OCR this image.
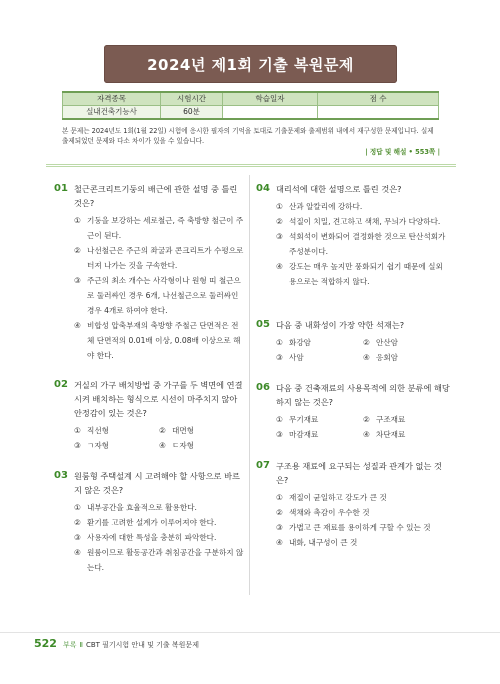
2024년 제1회 기출 복원문제
자격종목	시험시간	학습일자	점 수
실내건축기능사	60분		
본 문제는 2024년도 1회(1월 22일) 시험에 응시한 필자의 기억을 토대로 기출문제와 출제범위 내에서 재구성한 문제입니다. 실제 출제되었던 문제와 다소 차이가 있을 수 있습니다.
| 정답 및 해설 • 553쪽 |
01 철근콘크리트기둥의 배근에 관한 설명 중 틀린 것은?
① 기둥을 보강하는 세로철근, 즉 축방향 철근이 주근이 된다.
② 나선철근은 주근의 좌굴과 콘크리트가 수평으로 터져 나가는 것을 구속한다.
③ 주근의 최소 개수는 사각형이나 원형 띠 철근으로 둘러싸인 경우 6개, 나선철근으로 둘러싸인 경우 4개로 하여야 한다.
④ 비합성 압축부재의 축방향 주철근 단면적은 전체 단면적의 0.01배 이상, 0.08배 이상으로 해야 한다.
02 거실의 가구 배치방법 중 가구를 두 벽면에 연결시켜 배치하는 형식으로 시선이 마주치지 않아 안정감이 있는 것은?
① 직선형	② 대면형
③ ㄱ자형	④ ㄷ자형
03 원룸형 주택설계 시 고려해야 할 사항으로 바르지 않은 것은?
① 내부공간을 효율적으로 활용한다.
② 환기를 고려한 설계가 이루어져야 한다.
③ 사용자에 대한 특성을 충분히 파악한다.
④ 원룸이므로 활동공간과 취침공간을 구분하지 않는다.
04 대리석에 대한 설명으로 틀린 것은?
① 산과 알칼리에 강하다.
② 석질이 치밀, 견고하고 색채, 무늬가 다양하다.
③ 석회석이 변화되어 결정화한 것으로 탄산석회가 주성분이다.
④ 강도는 매우 높지만 풍화되기 쉽기 때문에 실외용으로는 적합하지 않다.
05 다음 중 내화성이 가장 약한 석재는?
① 화강암	② 안산암
③ 사암	④ 응회암
06 다음 중 건축재료의 사용목적에 의한 분류에 해당하지 않는 것은?
① 무기재료	② 구조재료
③ 마감재료	④ 차단재료
07 구조용 재료에 요구되는 성질과 관계가 없는 것은?
① 재질이 균일하고 강도가 큰 것
② 색채와 촉감이 우수한 것
③ 가볍고 큰 재료를 용이하게 구할 수 있는 것
④ 내화, 내구성이 큰 것
522 부록 Ⅱ CBT 필기시험 안내 및 기출 복원문제
